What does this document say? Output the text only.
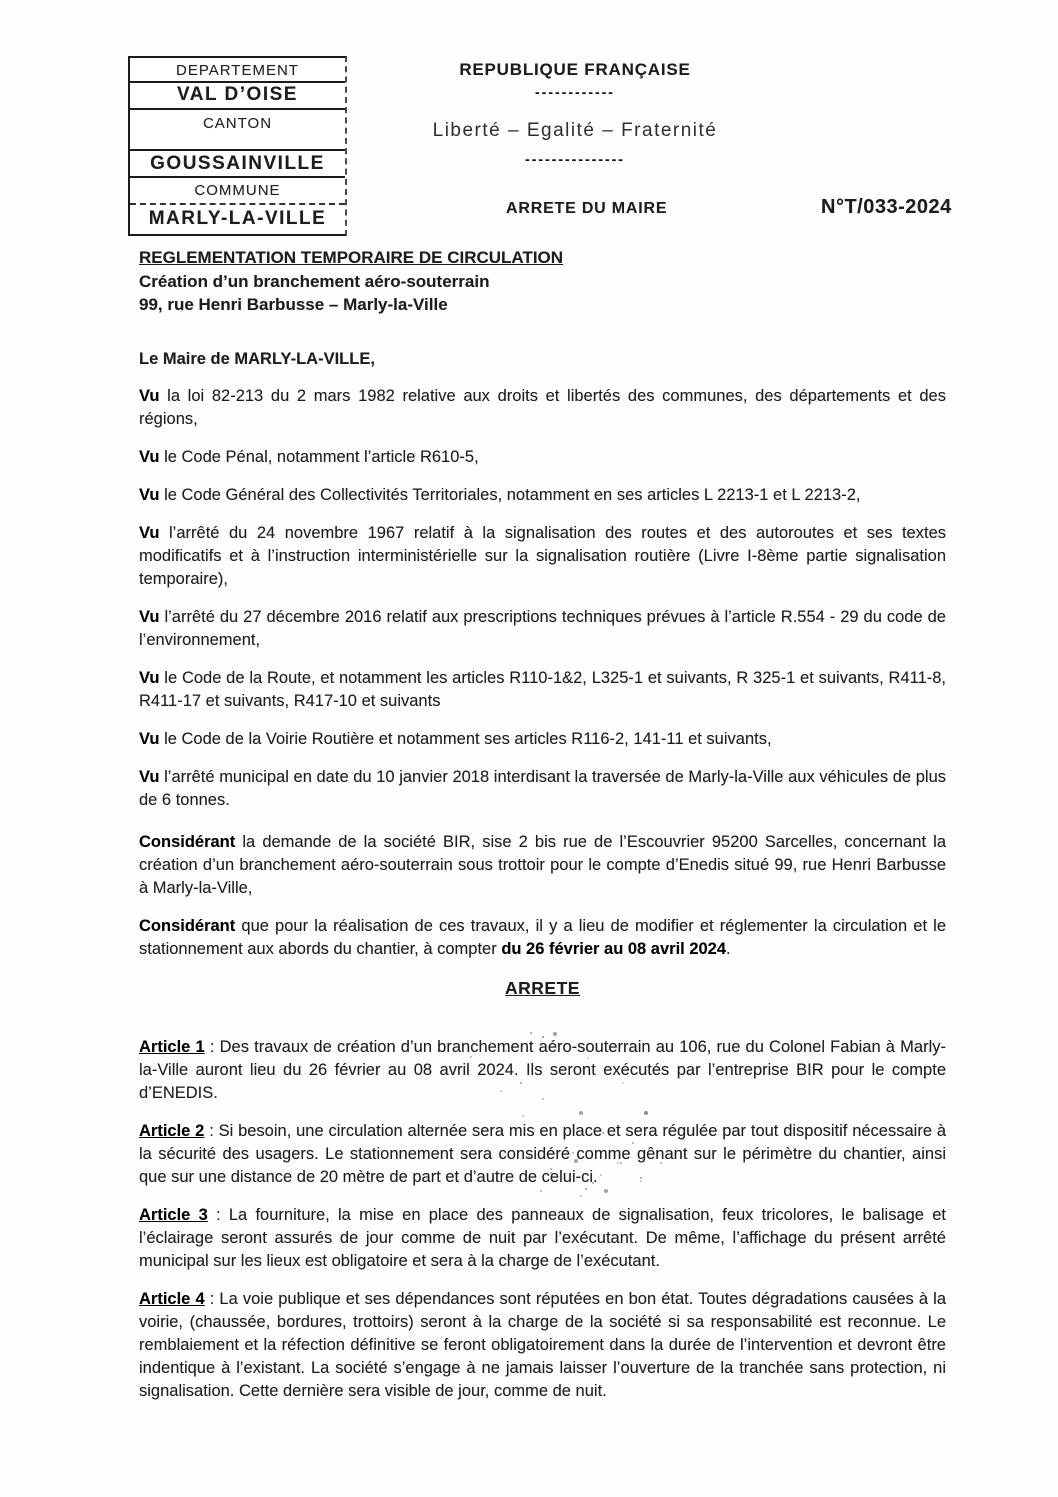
DEPARTEMENT
VAL D’OISE
CANTON
GOUSSAINVILLE
COMMUNE
MARLY-LA-VILLE
REPUBLIQUE FRANÇAISE
------------
Liberté – Egalité – Fraternité
---------------
ARRETE DU MAIRE	N°T/033-2024
REGLEMENTATION TEMPORAIRE DE CIRCULATION
Création d’un branchement aéro-souterrain
99, rue Henri Barbusse – Marly-la-Ville

Le Maire de MARLY-LA-VILLE,

Vu la loi 82-213 du 2 mars 1982 relative aux droits et libertés des communes, des départements et des régions,

Vu le Code Pénal, notamment l’article R610-5,

Vu le Code Général des Collectivités Territoriales, notamment en ses articles L 2213-1 et L 2213-2,

Vu l’arrêté du 24 novembre 1967 relatif à la signalisation des routes et des autoroutes et ses textes modificatifs et à l’instruction interministérielle sur la signalisation routière (Livre I-8ème partie signalisation temporaire),

Vu l’arrêté du 27 décembre 2016 relatif aux prescriptions techniques prévues à l’article R.554 - 29 du code de l’environnement,

Vu le Code de la Route, et notamment les articles R110-1&2, L325-1 et suivants, R 325-1 et suivants, R411-8, R411-17 et suivants, R417-10 et suivants

Vu le Code de la Voirie Routière et notamment ses articles R116-2, 141-11 et suivants,

Vu l’arrêté municipal en date du 10 janvier 2018 interdisant la traversée de Marly-la-Ville aux véhicules de plus de 6 tonnes.

Considérant la demande de la société BIR, sise 2 bis rue de l’Escouvrier 95200 Sarcelles, concernant la création d’un branchement aéro-souterrain sous trottoir pour le compte d’Enedis situé 99, rue Henri Barbusse à Marly-la-Ville,

Considérant que pour la réalisation de ces travaux, il y a lieu de modifier et réglementer la circulation et le stationnement aux abords du chantier, à compter du 26 février au 08 avril 2024.

ARRETE

Article 1 : Des travaux de création d’un branchement aéro-souterrain au 106, rue du Colonel Fabian à Marly-la-Ville auront lieu du 26 février au 08 avril 2024. Ils seront exécutés par l’entreprise BIR pour le compte d’ENEDIS.

Article 2 : Si besoin, une circulation alternée sera mis en place et sera régulée par tout dispositif nécessaire à la sécurité des usagers. Le stationnement sera considéré comme gênant sur le périmètre du chantier, ainsi que sur une distance de 20 mètre de part et d’autre de celui-ci.

Article 3 : La fourniture, la mise en place des panneaux de signalisation, feux tricolores, le balisage et l’éclairage seront assurés de jour comme de nuit par l’exécutant. De même, l’affichage du présent arrêté municipal sur les lieux est obligatoire et sera à la charge de l’exécutant.

Article 4 : La voie publique et ses dépendances sont réputées en bon état. Toutes dégradations causées à la voirie, (chaussée, bordures, trottoirs) seront à la charge de la société si sa responsabilité est reconnue. Le remblaiement et la réfection définitive se feront obligatoirement dans la durée de l’intervention et devront être indentique à l’existant. La société s’engage à ne jamais laisser l’ouverture de la tranchée sans protection, ni signalisation. Cette dernière sera visible de jour, comme de nuit.
